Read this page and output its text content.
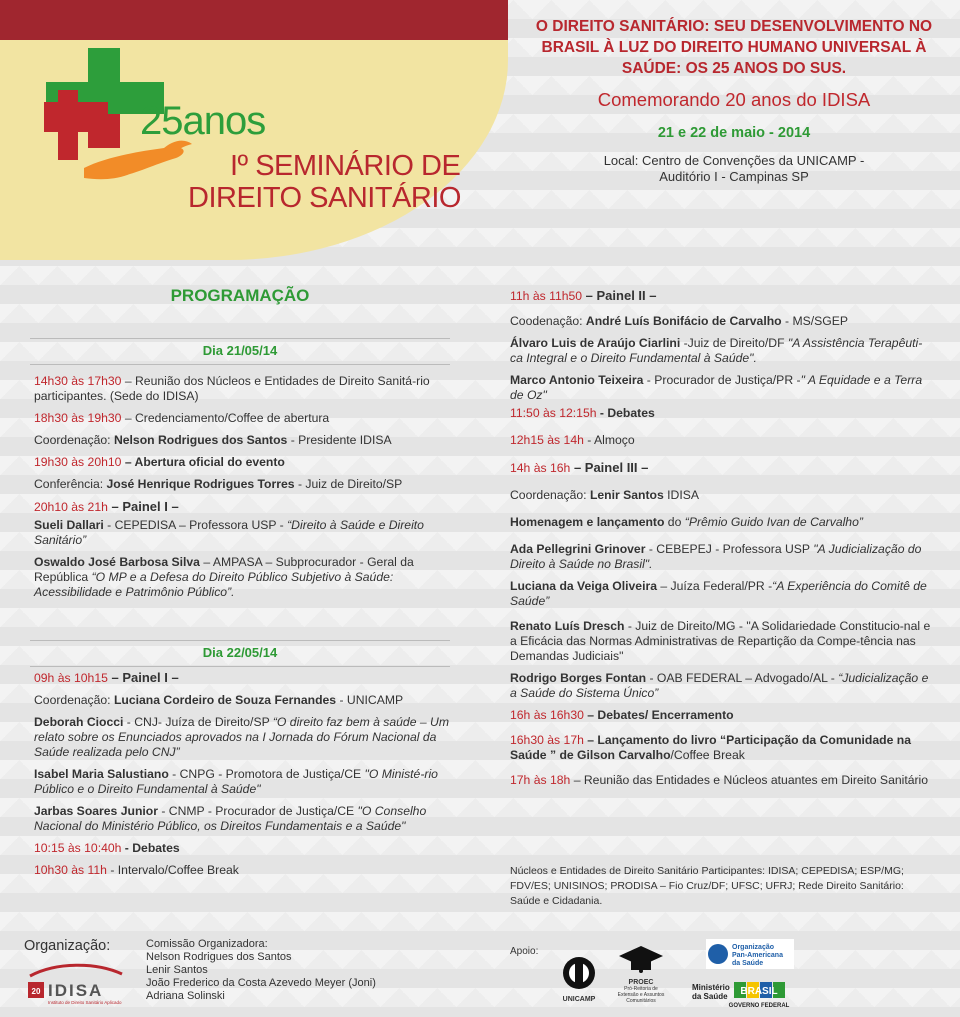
25anos
Iº SEMINÁRIO DE
DIREITO SANITÁRIO
O DIREITO SANITÁRIO: SEU DESENVOLVIMENTO NO BRASIL À LUZ DO DIREITO HUMANO UNIVERSAL À SAÚDE: OS 25 ANOS DO SUS.
Comemorando 20 anos do IDISA
21 e 22 de maio - 2014
Local: Centro de Convenções da UNICAMP -
Auditório I - Campinas SP
PROGRAMAÇÃO
Dia 21/05/14
14h30 às 17h30 – Reunião dos Núcleos e Entidades de Direito Sanitá-rio participantes. (Sede do IDISA)
18h30 às 19h30 – Credenciamento/Coffee de abertura
Coordenação: Nelson Rodrigues dos Santos - Presidente IDISA
19h30 às 20h10 – Abertura oficial do evento
Conferência: José Henrique Rodrigues Torres - Juiz de Direito/SP
20h10 às 21h – Painel I –
Sueli Dallari - CEPEDISA – Professora USP - “Direito à Saúde e Direito Sanitário”
Oswaldo José Barbosa Silva – AMPASA – Subprocurador - Geral da República “O MP e a Defesa do Direito Público Subjetivo à Saúde: Acessibilidade e Patrimônio Público”.
Dia 22/05/14
09h às 10h15 – Painel I –
Coordenação: Luciana Cordeiro de Souza Fernandes - UNICAMP
Deborah Ciocci - CNJ- Juíza de Direito/SP “O direito faz bem à saúde – Um relato sobre os Enunciados aprovados na I Jornada do Fórum Nacional da Saúde realizada pelo CNJ”
Isabel Maria Salustiano - CNPG - Promotora de Justiça/CE "O Ministé-rio Público e o Direito Fundamental à Saúde"
Jarbas Soares Junior - CNMP - Procurador de Justiça/CE "O Conselho Nacional do Ministério Público, os Direitos Fundamentais e a Saúde"
10:15 às 10:40h - Debates
10h30 às 11h - Intervalo/Coffee Break
11h às 11h50 – Painel II –
Coodenação: André Luís Bonifácio de Carvalho - MS/SGEP
Álvaro Luis de Araújo Ciarlini -Juiz de Direito/DF "A Assistência Terapêuti-ca Integral e o Direito Fundamental à Saúde".
Marco Antonio Teixeira - Procurador de Justiça/PR -" A Equidade e a Terra de Oz"
11:50 às 12:15h - Debates
12h15 às 14h - Almoço
14h às 16h – Painel III –
Coordenação: Lenir Santos IDISA
Homenagem e lançamento do “Prêmio Guido Ivan de Carvalho”
Ada Pellegrini Grinover - CEBEPEJ - Professora USP "A Judicialização do Direito à Saúde no Brasil".
Luciana da Veiga Oliveira – Juíza Federal/PR -“A Experiência do Comitê de Saúde”
Renato Luís Dresch - Juiz de Direito/MG - "A Solidariedade Constitucio-nal e a Eficácia das Normas Administrativas de Repartição da Compe-tência nas Demandas Judiciais"
Rodrigo Borges Fontan - OAB FEDERAL – Advogado/AL - “Judicialização e a Saúde do Sistema Único”
16h às 16h30 – Debates/ Encerramento
16h30 às 17h – Lançamento do livro “Participação da Comunidade na Saúde ” de Gilson Carvalho/Coffee Break
17h às 18h – Reunião das Entidades e Núcleos atuantes em Direito Sanitário
Núcleos e Entidades de Direito Sanitário Participantes: IDISA; CEPEDISA; ESP/MG; FDV/ES; UNISINOS; PRODISA – Fio Cruz/DF; UFSC; UFRJ; Rede Direito Sanitário: Saúde e Cidadania.
Organização:
20 IDISA
Instituto de Direito Sanitário Aplicado
Comissão Organizadora:
Nelson Rodrigues dos Santos
Lenir Santos
João Frederico da Costa Azevedo Meyer (Joni)
Adriana Solinski
Apoio:
UNICAMP
PROEC
Pró-Reitoria de Extensão e Assuntos Comunitários
Organização
Pan-Americana
da Saúde
Ministério
da Saúde BRASIL
GOVERNO FEDERAL
